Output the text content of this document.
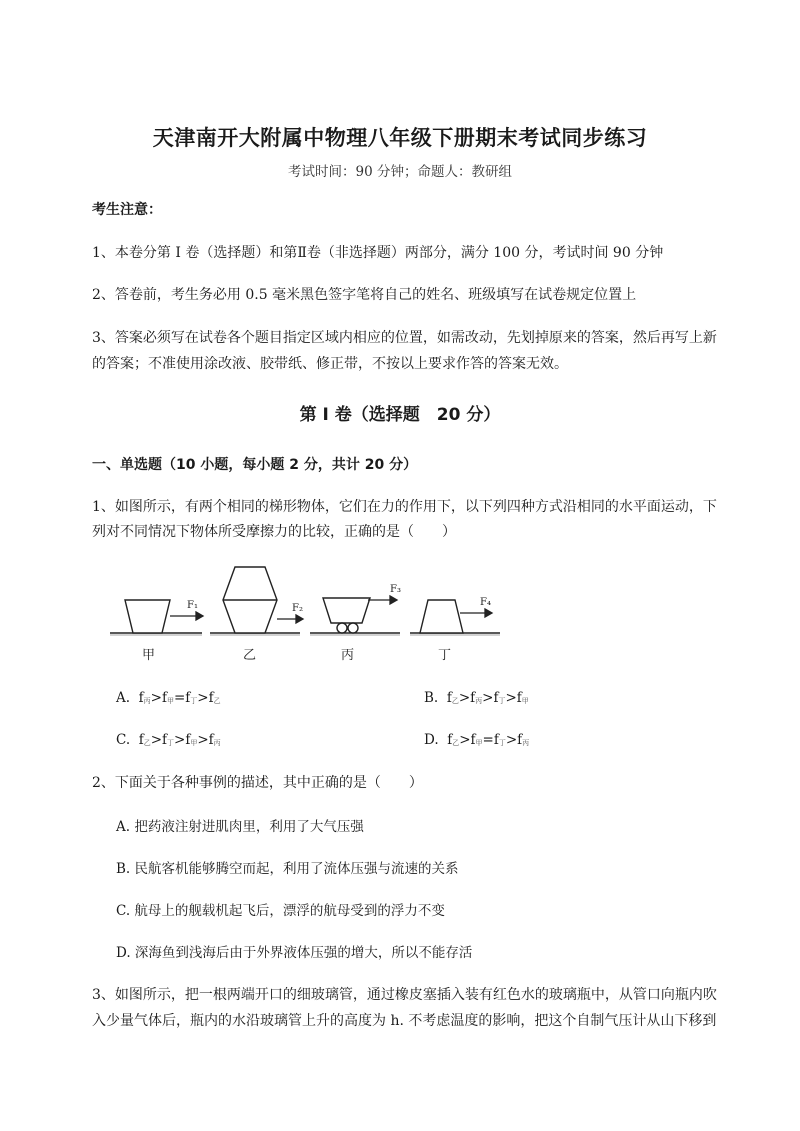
天津南开大附属中物理八年级下册期末考试同步练习
考试时间：90 分钟；命题人：教研组
考生注意：
1、本卷分第 I 卷（选择题）和第Ⅱ卷（非选择题）两部分，满分 100 分，考试时间 90 分钟
2、答卷前，考生务必用 0.5 毫米黑色签字笔将自己的姓名、班级填写在试卷规定位置上
3、答案必须写在试卷各个题目指定区域内相应的位置，如需改动，先划掉原来的答案，然后再写上新
的答案；不准使用涂改液、胶带纸、修正带，不按以上要求作答的答案无效。
第 I 卷（选择题　20 分）
一、单选题（10 小题，每小题 2 分，共计 20 分）
1、如图所示，有两个相同的梯形物体，它们在力的作用下，以下列四种方式沿相同的水平面运动，下
列对不同情况下物体所受摩擦力的比较，正确的是（　　）
F₁	F₂
F₃
F₄
甲	乙	丙	丁
A. $f_丙>f_甲=f_丁>f_乙$	B. $f_乙>f_丙>f_丁>f_甲$
C. $f_乙>f_丁>f_甲>f_丙$	D. $f_乙>f_甲=f_丁>f_丙$
2、下面关于各种事例的描述，其中正确的是（　　）
A. 把药液注射进肌肉里，利用了大气压强
B. 民航客机能够腾空而起，利用了流体压强与流速的关系
C. 航母上的舰载机起飞后，漂浮的航母受到的浮力不变
D. 深海鱼到浅海后由于外界液体压强的增大，所以不能存活
3、如图所示，把一根两端开口的细玻璃管，通过橡皮塞插入装有红色水的玻璃瓶中，从管口向瓶内吹
入少量气体后，瓶内的水沿玻璃管上升的高度为 h. 不考虑温度的影响，把这个自制气压计从山下移到
